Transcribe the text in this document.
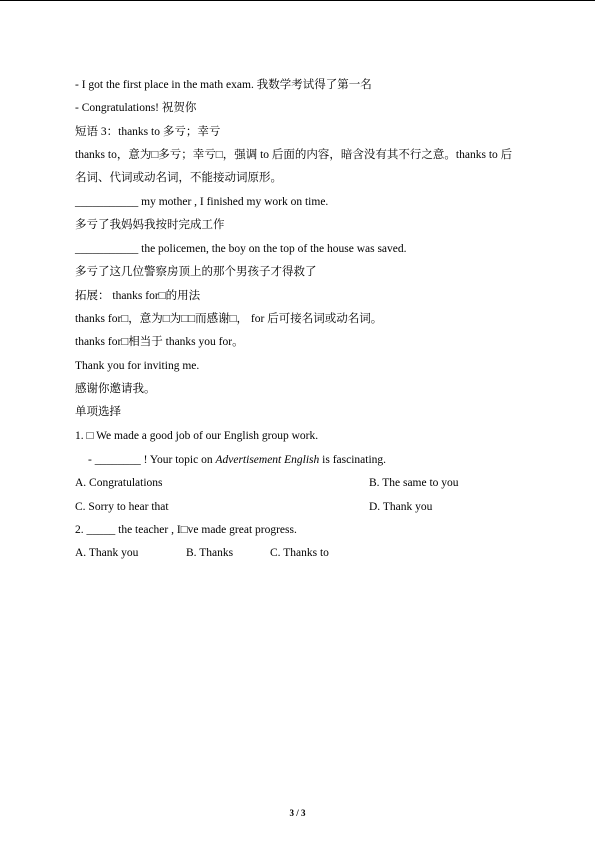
- I got the first place in the math exam. 我数学考试得了第一名
- Congratulations! 祝贺你
短语 3：thanks to 多亏；幸亏
thanks to，意为□多亏；幸亏□，强调 to 后面的内容，暗含没有其不行之意。thanks to 后
名词、代词或动名词，不能接动词原形。
___________ my mother , I finished my work on time.
多亏了我妈妈我按时完成工作
___________ the policemen, the boy on the top of the house was saved.
多亏了这几位警察房顶上的那个男孩子才得救了
拓展： thanks for□的用法
thanks for□，意为□为□□而感谢□， for 后可接名词或动名词。
thanks for□相当于 thanks you for。
Thank you for inviting me.
感谢你邀请我。
单项选择
1. □ We made a good job of our English group work.
- ________ ! Your topic on Advertisement English is fascinating.
A. Congratulations	B. The same to you
C. Sorry to hear that	D. Thank you
2. _____ the teacher , I□ve made great progress.
A. Thank you	B. Thanks	C. Thanks to
3 / 3
